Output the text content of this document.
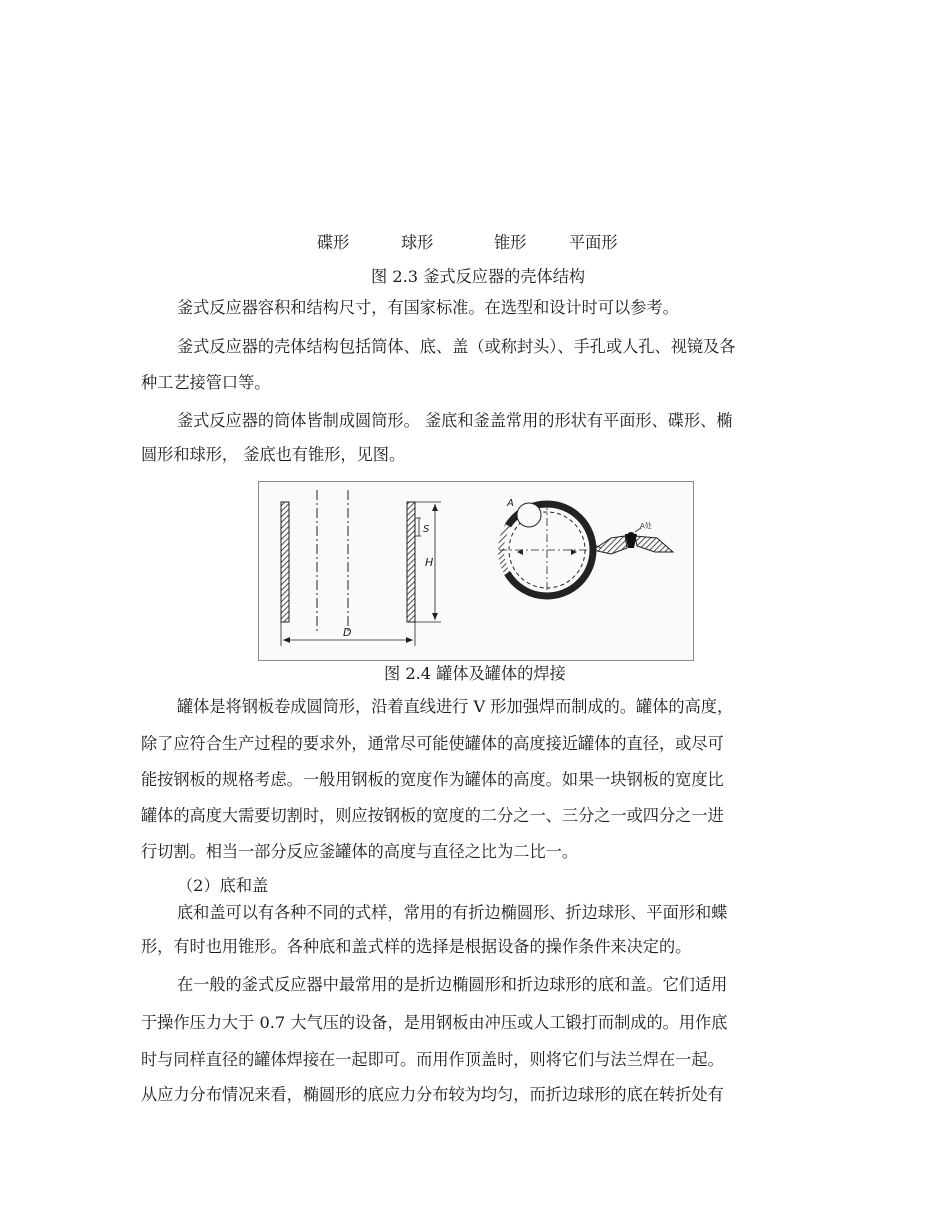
碟形	球形	锥形	平面形
图 2.3 釜式反应器的壳体结构
釜式反应器容积和结构尺寸，有国家标准。在选型和设计时可以参考。
釜式反应器的壳体结构包括筒体、底、盖（或称封头）、手孔或人孔、视镜及各
种工艺接管口等。
釜式反应器的筒体皆制成圆筒形。 釜底和釜盖常用的形状有平面形、碟形、椭
圆形和球形， 釜底也有锥形，见图。
S
H
D
A
A处
图 2.4 罐体及罐体的焊接
罐体是将钢板卷成圆筒形，沿着直线进行 V 形加强焊而制成的。罐体的高度，
除了应符合生产过程的要求外，通常尽可能使罐体的高度接近罐体的直径，或尽可
能按钢板的规格考虑。一般用钢板的宽度作为罐体的高度。如果一块钢板的宽度比
罐体的高度大需要切割时，则应按钢板的宽度的二分之一、三分之一或四分之一进
行切割。相当一部分反应釜罐体的高度与直径之比为二比一。
（2）底和盖
底和盖可以有各种不同的式样，常用的有折边椭圆形、折边球形、平面形和蝶
形，有时也用锥形。各种底和盖式样的选择是根据设备的操作条件来决定的。
在一般的釜式反应器中最常用的是折边椭圆形和折边球形的底和盖。它们适用
于操作压力大于 0.7 大气压的设备，是用钢板由冲压或人工锻打而制成的。用作底
时与同样直径的罐体焊接在一起即可。而用作顶盖时，则将它们与法兰焊在一起。
从应力分布情况来看，椭圆形的底应力分布较为均匀，而折边球形的底在转折处有
